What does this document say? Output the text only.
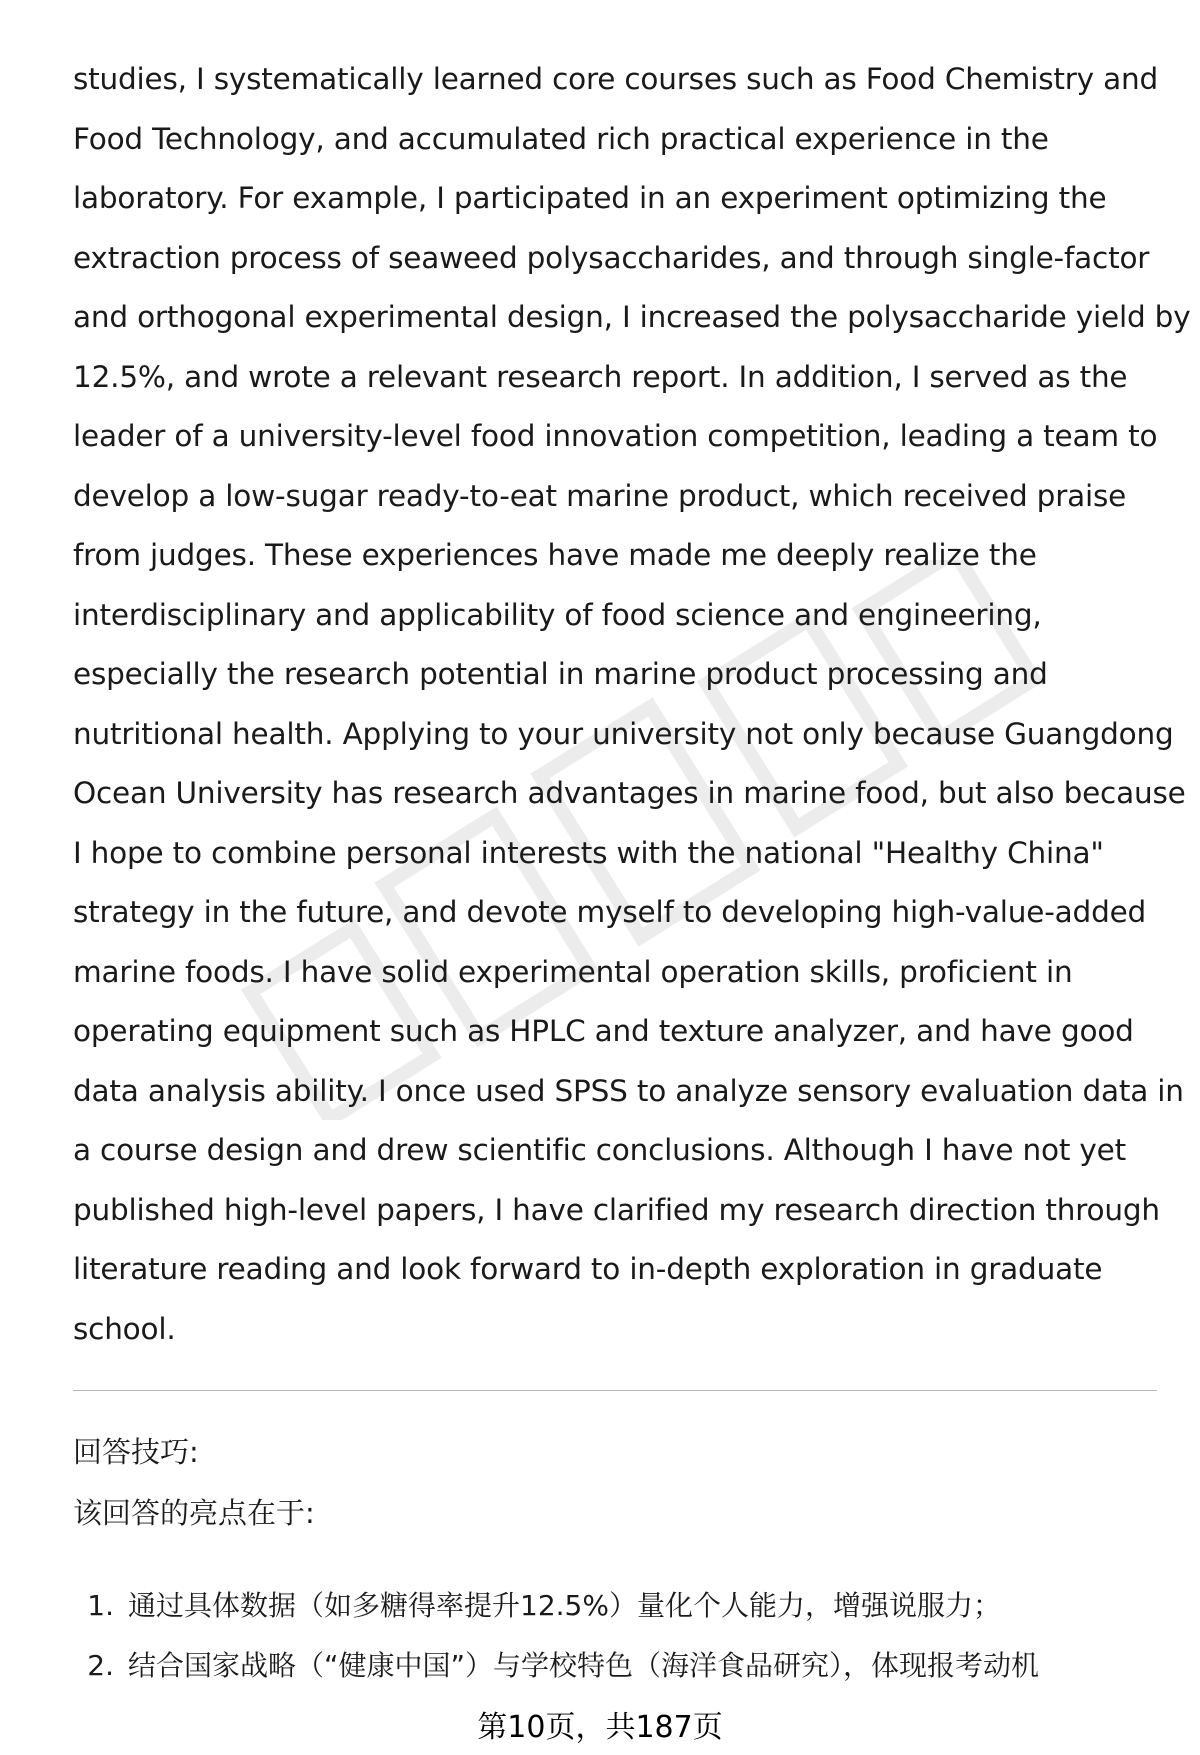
studies, I systematically learned core courses such as Food Chemistry and
Food Technology, and accumulated rich practical experience in the
laboratory. For example, I participated in an experiment optimizing the
extraction process of seaweed polysaccharides, and through single-factor
and orthogonal experimental design, I increased the polysaccharide yield by
12.5%, and wrote a relevant research report. In addition, I served as the
leader of a university-level food innovation competition, leading a team to
develop a low-sugar ready-to-eat marine product, which received praise
from judges. These experiences have made me deeply realize the
interdisciplinary and applicability of food science and engineering,
especially the research potential in marine product processing and
nutritional health. Applying to your university not only because Guangdong
Ocean University has research advantages in marine food, but also because
I hope to combine personal interests with the national "Healthy China"
strategy in the future, and devote myself to developing high-value-added
marine foods. I have solid experimental operation skills, proficient in
operating equipment such as HPLC and texture analyzer, and have good
data analysis ability. I once used SPSS to analyze sensory evaluation data in
a course design and drew scientific conclusions. Although I have not yet
published high-level papers, I have clarified my research direction through
literature reading and look forward to in-depth exploration in graduate
school.
回答技巧:
该回答的亮点在于:
1. 通过具体数据（如多糖得率提升12.5%）量化个人能力，增强说服力；
2. 结合国家战略（“健康中国”）与学校特色（海洋食品研究），体现报考动机
第10页，共187页
